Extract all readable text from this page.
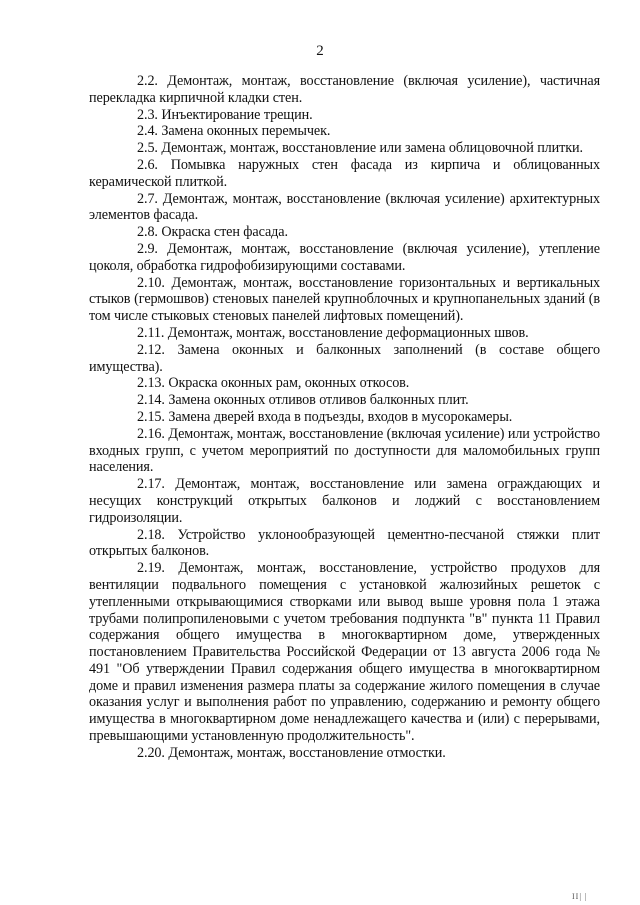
2

2.2. Демонтаж, монтаж, восстановление (включая усиление), частичная перекладка кирпичной кладки стен.

2.3. Инъектирование трещин.

2.4. Замена оконных перемычек.

2.5. Демонтаж, монтаж, восстановление или замена облицовочной плитки.

2.6. Помывка наружных стен фасада из кирпича и облицованных керамической плиткой.

2.7. Демонтаж, монтаж, восстановление (включая усиление) архитектурных элементов фасада.

2.8. Окраска стен фасада.

2.9. Демонтаж, монтаж, восстановление (включая усиление), утепление цоколя, обработка гидрофобизирующими составами.

2.10. Демонтаж, монтаж, восстановление горизонтальных и вертикальных стыков (гермошвов) стеновых панелей крупноблочных и крупнопанельных зданий (в том числе стыковых стеновых панелей лифтовых помещений).

2.11. Демонтаж, монтаж, восстановление деформационных швов.

2.12. Замена оконных и балконных заполнений (в составе общего имущества).

2.13. Окраска оконных рам, оконных откосов.

2.14. Замена оконных отливов отливов балконных плит.

2.15. Замена дверей входа в подъезды, входов в мусорокамеры.

2.16. Демонтаж, монтаж, восстановление (включая усиление) или устройство входных групп, с учетом мероприятий по доступности для маломобильных групп населения.

2.17. Демонтаж, монтаж, восстановление или замена ограждающих и несущих конструкций открытых балконов и лоджий с восстановлением гидроизоляции.

2.18. Устройство уклонообразующей цементно-песчаной стяжки плит открытых балконов.

2.19. Демонтаж, монтаж, восстановление, устройство продухов для вентиляции подвального помещения с установкой жалюзийных решеток с утепленными открывающимися створками или вывод выше уровня пола 1 этажа трубами полипропиленовыми с учетом требования подпункта "в" пункта 11 Правил содержания общего имущества в многоквартирном доме, утвержденных постановлением Правительства Российской Федерации от 13 августа 2006 года № 491 "Об утверждении Правил содержания общего имущества в многоквартирном доме и правил изменения размера платы за содержание жилого помещения в случае оказания услуг и выполнения работ по управлению, содержанию и ремонту общего имущества в многоквартирном доме ненадлежащего качества и (или) с перерывами, превышающими установленную продолжительность".

2.20. Демонтаж, монтаж, восстановление отмостки.

II| |
